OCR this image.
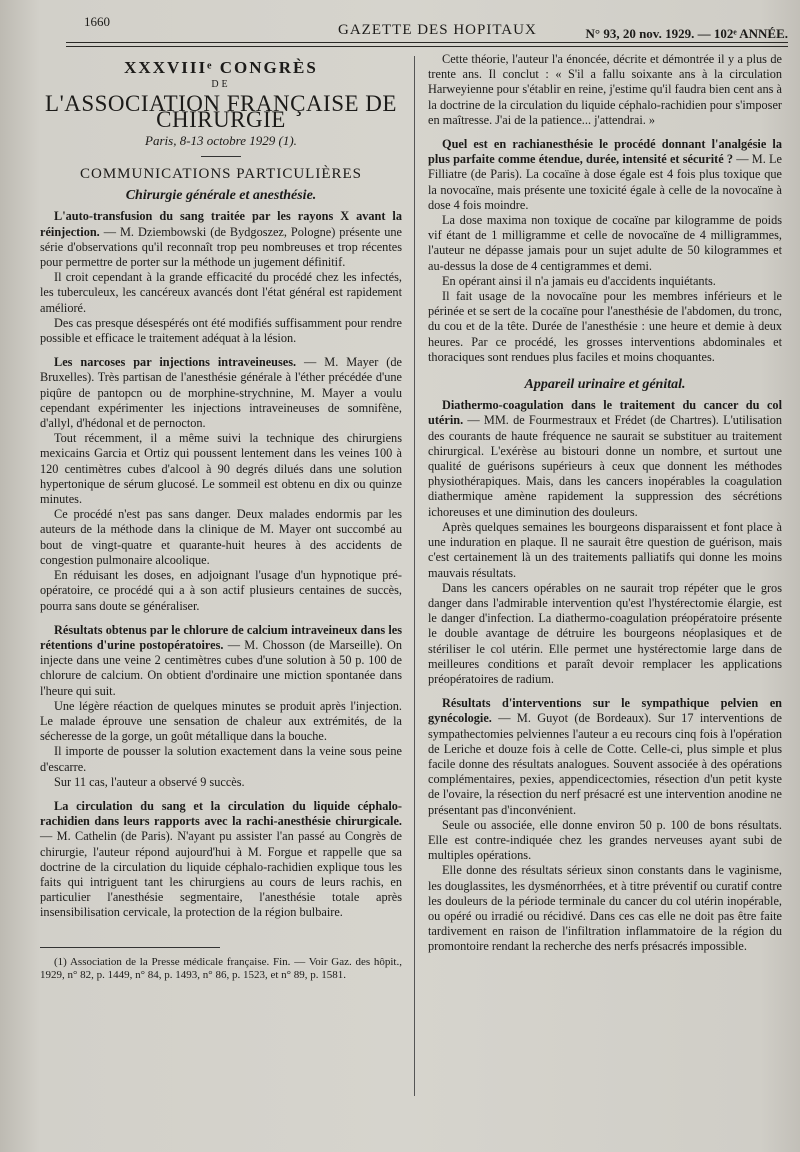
1660
GAZETTE DES HOPITAUX	N° 93, 20 nov. 1929. — 102ᵉ ANNÉE.
XXXVIIIᵉ CONGRÈS
DE
L'ASSOCIATION FRANÇAISE DE CHIRURGIE
Paris, 8-13 octobre 1929 (1).
COMMUNICATIONS PARTICULIÈRES
Chirurgie générale et anesthésie.

L'auto-transfusion du sang traitée par les rayons X avant la réinjection. — M. Dziembowski (de Bydgoszez, Pologne) présente une série d'observations qu'il reconnaît trop peu nombreuses et trop récentes pour permettre de porter sur la méthode un jugement définitif.

Il croit cependant à la grande efficacité du procédé chez les infectés, les tuberculeux, les cancéreux avancés dont l'état général est rapidement amélioré.

Des cas presque désespérés ont été modifiés suffisamment pour rendre possible et efficace le traitement adéquat à la lésion.

Les narcoses par injections intraveineuses. — M. Mayer (de Bruxelles). Très partisan de l'anesthésie générale à l'éther précédée d'une piqûre de pantopcn ou de morphine-strychnine, M. Mayer a voulu cependant expérimenter les injections intraveineuses de somnifène, d'allyl, d'hédonal et de pernocton.

Tout récemment, il a même suivi la technique des chirurgiens mexicains Garcia et Ortiz qui poussent lentement dans les veines 100 à 120 centimètres cubes d'alcool à 90 degrés dilués dans une solution hypertonique de sérum glucosé. Le sommeil est obtenu en dix ou quinze minutes.

Ce procédé n'est pas sans danger. Deux malades endormis par les auteurs de la méthode dans la clinique de M. Mayer ont succombé au bout de vingt-quatre et quarante-huit heures à des accidents de congestion pulmonaire alcoolique.

En réduisant les doses, en adjoignant l'usage d'un hypnotique pré-opératoire, ce procédé qui a à son actif plusieurs centaines de succès, pourra sans doute se généraliser.

Résultats obtenus par le chlorure de calcium intraveineux dans les rétentions d'urine postopératoires. — M. Chosson (de Marseille). On injecte dans une veine 2 centimètres cubes d'une solution à 50 p. 100 de chlorure de calcium. On obtient d'ordinaire une miction spontanée dans l'heure qui suit.

Une légère réaction de quelques minutes se produit après l'injection. Le malade éprouve une sensation de chaleur aux extrémités, de la sécheresse de la gorge, un goût métallique dans la bouche.

Il importe de pousser la solution exactement dans la veine sous peine d'escarre.

Sur 11 cas, l'auteur a observé 9 succès.

La circulation du sang et la circulation du liquide céphalo-rachidien dans leurs rapports avec la rachi-anesthésie chirurgicale. — M. Cathelin (de Paris). N'ayant pu assister l'an passé au Congrès de chirurgie, l'auteur répond aujourd'hui à M. Forgue et rappelle que sa doctrine de la circulation du liquide céphalo-rachidien explique tous les faits qui intriguent tant les chirurgiens au cours de leurs rachis, en particulier l'anesthésie segmentaire, l'anesthésie totale après insensibilisation cervicale, la protection de la région bulbaire.

(1) Association de la Presse médicale française. Fin. — Voir Gaz. des hôpit., 1929, n° 82, p. 1449, n° 84, p. 1493, n° 86, p. 1523, et n° 89, p. 1581.

Cette théorie, l'auteur l'a énoncée, décrite et démontrée il y a plus de trente ans. Il conclut : « S'il a fallu soixante ans à la circulation Harweyienne pour s'établir en reine, j'estime qu'il faudra bien cent ans à la doctrine de la circulation du liquide céphalo-rachidien pour s'imposer en maîtresse. J'ai de la patience... j'attendrai. »

Quel est en rachianesthésie le procédé donnant l'analgésie la plus parfaite comme étendue, durée, intensité et sécurité ? — M. Le Filliatre (de Paris). La cocaïne à dose égale est 4 fois plus toxique que la novocaïne, mais présente une toxicité égale à celle de la novocaïne à dose 4 fois moindre.

La dose maxima non toxique de cocaïne par kilogramme de poids vif étant de 1 milligramme et celle de novocaïne de 4 milligrammes, l'auteur ne dépasse jamais pour un sujet adulte de 50 kilogrammes et au-dessus la dose de 4 centigrammes et demi.

En opérant ainsi il n'a jamais eu d'accidents inquiétants.

Il fait usage de la novocaïne pour les membres inférieurs et le périnée et se sert de la cocaïne pour l'anesthésie de l'abdomen, du tronc, du cou et de la tête. Durée de l'anesthésie : une heure et demie à deux heures. Par ce procédé, les grosses interventions abdominales et thoraciques sont rendues plus faciles et moins choquantes.

Appareil urinaire et génital.

Diathermo-coagulation dans le traitement du cancer du col utérin. — MM. de Fourmestraux et Frédet (de Chartres). L'utilisation des courants de haute fréquence ne saurait se substituer au traitement chirurgical. L'exérèse au bistouri donne un nombre, et surtout une qualité de guérisons supérieurs à ceux que donnent les méthodes physiothérapiques. Mais, dans les cancers inopérables la coagulation diathermique amène rapidement la suppression des sécrétions ichoreuses et une diminution des douleurs.

Après quelques semaines les bourgeons disparaissent et font place à une induration en plaque. Il ne saurait être question de guérison, mais c'est certainement là un des traitements palliatifs qui donne les moins mauvais résultats.

Dans les cancers opérables on ne saurait trop répéter que le gros danger dans l'admirable intervention qu'est l'hystérectomie élargie, est le danger d'infection. La diathermo-coagulation préopératoire présente le double avantage de détruire les bourgeons néoplasiques et de stériliser le col utérin. Elle permet une hystérectomie large dans de meilleures conditions et paraît devoir remplacer les applications préopératoires de radium.

Résultats d'interventions sur le sympathique pelvien en gynécologie. — M. Guyot (de Bordeaux). Sur 17 interventions de sympathectomies pelviennes l'auteur a eu recours cinq fois à l'opération de Leriche et douze fois à celle de Cotte. Celle-ci, plus simple et plus facile donne des résultats analogues. Souvent associée à des opérations complémentaires, pexies, appendicectomies, résection d'un petit kyste de l'ovaire, la résection du nerf présacré est une intervention anodine ne présentant pas d'inconvénient.

Seule ou associée, elle donne environ 50 p. 100 de bons résultats. Elle est contre-indiquée chez les grandes nerveuses ayant subi de multiples opérations.

Elle donne des résultats sérieux sinon constants dans le vaginisme, les douglassites, les dysménorrhées, et à titre préventif ou curatif contre les douleurs de la période terminale du cancer du col utérin inopérable, ou opéré ou irradié ou récidivé. Dans ces cas elle ne doit pas être faite tardivement en raison de l'infiltration inflammatoire de la région du promontoire rendant la recherche des nerfs présacrés impossible.
